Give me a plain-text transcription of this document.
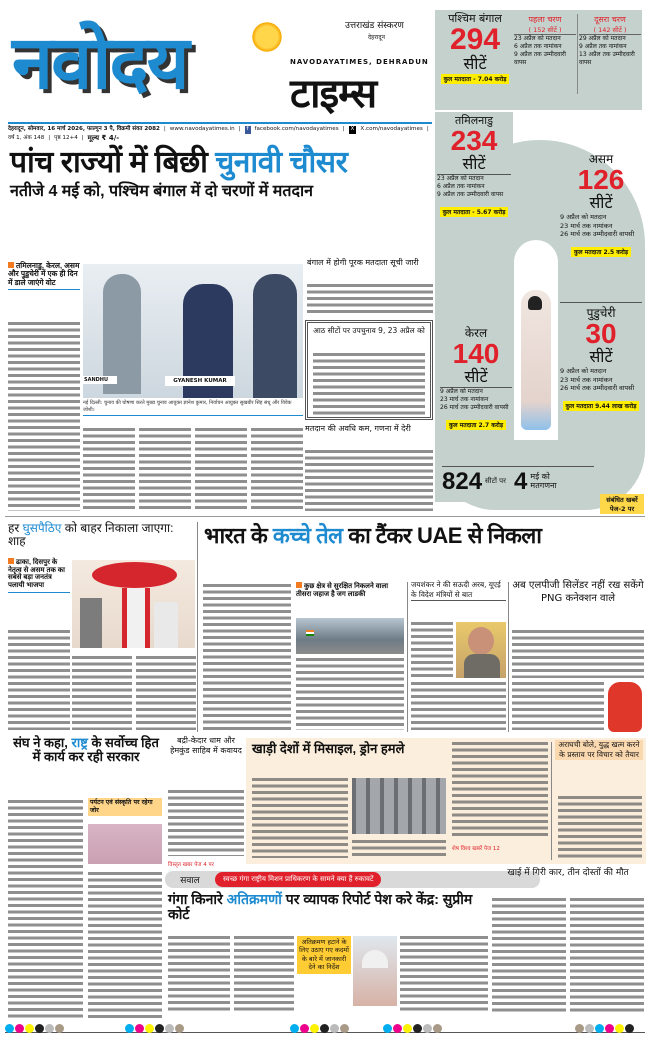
नवोदय	उत्तराखंड संस्करण
देहरादून
NAVODAYATIMES, DEHRADUN
टाइम्स
देहरादून, सोमवार, 16 मार्च 2026, फाल्गुन 3 पै, विक्रमी संवत 2082 | www.navodayatimes.in |	f	facebook.com/navodayatimes |	X	X.com/navodayatimes |
वर्ष 1, अंक 148 | पृष्ठ 12+4 | मूल्य ₹ 4/-
पश्चिम बंगाल
294
सीटें
कुल मतदाता - 7.04 करोड़
पहला चरण
( 152 सीटें )
23 अप्रैल को मतदान
6 अप्रैल तक नामांकन
9 अप्रैल तक उम्मीदवारी वापस
दूसरा चरण
( 142 सीटें )
29 अप्रैल को मतदान
9 अप्रैल तक नामांकन
13 अप्रैल तक उम्मीदवारी वापस
तमिलनाडु
234
सीटें
23 अप्रैल को मतदान
6 अप्रैल तक नामांकन
9 अप्रैल तक उम्मीदवारी वापस
कुल मतदाता - 5.67 करोड़
असम
126
सीटें
9 अप्रैल को मतदान
23 मार्च तक नामांकन
26 मार्च तक उम्मीदवारी वापसी
कुल मतदाता 2.5 करोड़
केरल
140
सीटें
9 अप्रैल को मतदान
23 मार्च तक नामांकन
26 मार्च तक उम्मीदवारी वापसी
कुल मतदाता 2.7 करोड़
पुडुचेरी
30
सीटें
9 अप्रैल को मतदान
23 मार्च तक नामांकन
26 मार्च तक उम्मीदवारी वापसी
कुल मतदाता 9.44 लाख करोड़
824 सीटों पर 4 मई को मतगणना
संबंधित खबरें पेज-2 पर
पांच राज्यों में बिछी चुनावी चौसर
नतीजे 4 मई को, पश्चिम बंगाल में दो चरणों में मतदान
तमिलनाडु, केरल, असम और पुडुचेरी में एक ही दिन में डाले जाएंगे वोट
SANDHU	GYANESH KUMAR
नई दिल्ली: चुनाव की घोषणा करते मुख्य चुनाव आयुक्त ज्ञानेश कुमार, निर्वाचन आयुक्त सुखबीर सिंह संधू और विवेक जोशी।
बंगाल में होगी पूरक मतदाता सूची जारी
आठ सीटों पर उपचुनाव 9, 23 अप्रैल को
मतदान की अवधि कम, गणना में देरी
हर घुसपैठिए को बाहर निकाला जाएगा: शाह
ढाका, दिसपुर के नेतृत्व से असम तक का सबसे बड़ा जनतंत्र पलायी भाजपा
संघ ने कहा, राष्ट्र के सर्वोच्च हित में कार्य कर रही सरकार
पर्यटन एवं संस्कृति पर रहेगा जोर
बद्री-केदार धाम और हेमकुंड साहिब में कवायद
विस्तृत खबर पेज 4 पर
भारत के कच्चे तेल का टैंकर UAE से निकला
कुछ क्षेत्र से सुरक्षित निकलने वाला तीसरा जहाज है जग लाडकी
जयशंकर ने की सऊदी अरब, यूएई के विदेश मंत्रियों से बात
अब एलपीजी सिलेंडर नहीं रख सकेंगे PNG कनेक्शन वाले
खाड़ी देशों में मिसाइल, ड्रोन हमले
शेष विश्व खबरें पेज 12
अराघची बोले, युद्ध खत्म करने के प्रस्ताव पर विचार को तैयार
सवाल	स्वच्छ गंगा राष्ट्रीय मिशन प्राधिकरण के सामने क्या हैं रुकावटें
गंगा किनारे अतिक्रमणों पर व्यापक रिपोर्ट पेश करे केंद्र: सुप्रीम कोर्ट
अतिक्रमण हटाने के लिए उठाए गए कदमों के बारे में जानकारी देने का निर्देश
खाई में गिरी कार, तीन दोस्तों की मौत
